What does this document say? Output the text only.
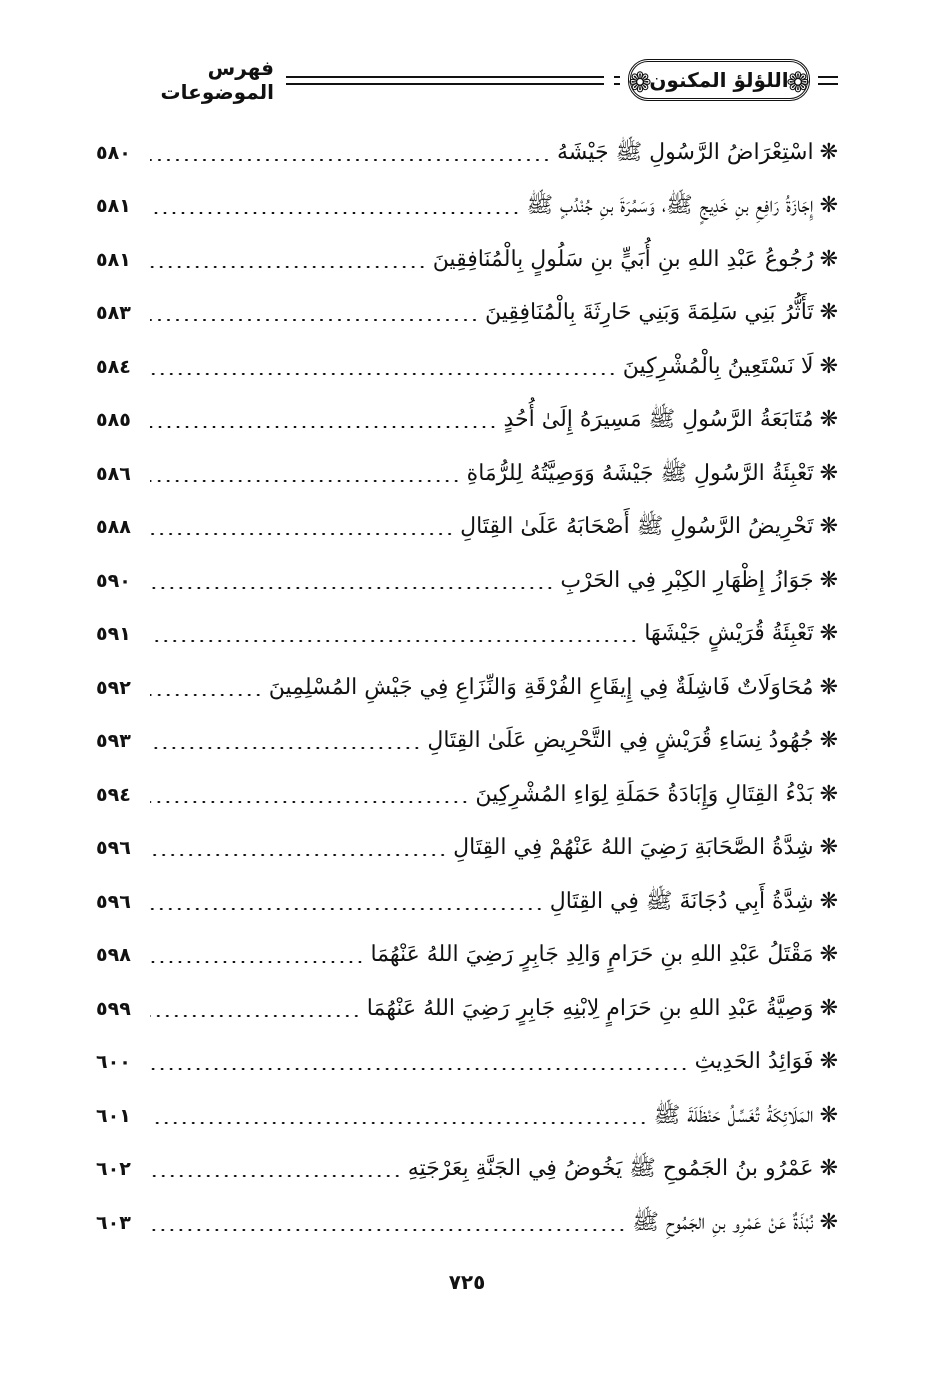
فهرس الموضوعات	❁
اللؤلؤ المكنون
❁
❋
اسْتِعْرَاضُ الرَّسُولِ ﷺ جَيْشَهُ
٥٨٠
❋
إِجَازَةُ رَافِعِ بنِ خَدِيجٍ ﷺ، وَسَمُرَةَ بنِ جُنْدُبٍ ﷺ
٥٨١
❋
رُجُوعُ عَبْدِ اللهِ بنِ أُبَيٍّ بنِ سَلُولٍ بِالْمُنَافِقِينَ
٥٨١
❋
تَأَثُّرُ بَنِي سَلِمَةَ وَبَنِي حَارِثَةَ بِالْمُنَافِقِينَ
٥٨٣
❋
لَا نَسْتَعِينُ بِالْمُشْرِكِينَ
٥٨٤
❋
مُتَابَعَةُ الرَّسُولِ ﷺ مَسِيرَهُ إِلَىٰ أُحُدٍ
٥٨٥
❋
تَعْبِئَةُ الرَّسُولِ ﷺ جَيْشَهُ وَوَصِيَّتُهُ لِلرُّمَاةِ
٥٨٦
❋
تَحْرِيضُ الرَّسُولِ ﷺ أَصْحَابَهُ عَلَىٰ القِتَالِ
٥٨٨
❋
جَوَازُ إِظْهَارِ الكِبْرِ فِي الحَرْبِ
٥٩٠
❋
تَعْبِئَةُ قُرَيْشٍ جَيْشَهَا
٥٩١
❋
مُحَاوَلَاتٌ فَاشِلَةٌ فِي إِيقَاعِ الفُرْقَةِ وَالنِّزَاعِ فِي جَيْشِ المُسْلِمِينَ
٥٩٢
❋
جُهُودُ نِسَاءِ قُرَيْشٍ فِي التَّحْرِيضِ عَلَىٰ القِتَالِ
٥٩٣
❋
بَدْءُ القِتَالِ وَإِبَادَةُ حَمَلَةِ لِوَاءِ المُشْرِكِينَ
٥٩٤
❋
شِدَّةُ الصَّحَابَةِ رَضِيَ اللهُ عَنْهُمْ فِي القِتَالِ
٥٩٦
❋
شِدَّةُ أَبِي دُجَانَةَ ﷺ فِي القِتَالِ
٥٩٦
❋
مَقْتَلُ عَبْدِ اللهِ بنِ حَرَامٍ وَالِدِ جَابِرٍ رَضِيَ اللهُ عَنْهُمَا
٥٩٨
❋
وَصِيَّةُ عَبْدِ اللهِ بنِ حَرَامٍ لِابْنِهِ جَابِرٍ رَضِيَ اللهُ عَنْهُمَا
٥٩٩
❋
فَوَائِدُ الحَدِيثِ
٦٠٠
❋
المَلَائِكَةُ تُغَسِّلُ حَنْظَلَةَ ﷺ
٦٠١
❋
عَمْرُو بنُ الجَمُوحِ ﷺ يَخُوضُ فِي الجَنَّةِ بِعَرْجَتِهِ
٦٠٢
❋
نُبْذَةٌ عَنْ عَمْرِو بنِ الجَمُوحِ ﷺ
٦٠٣
٧٢٥
